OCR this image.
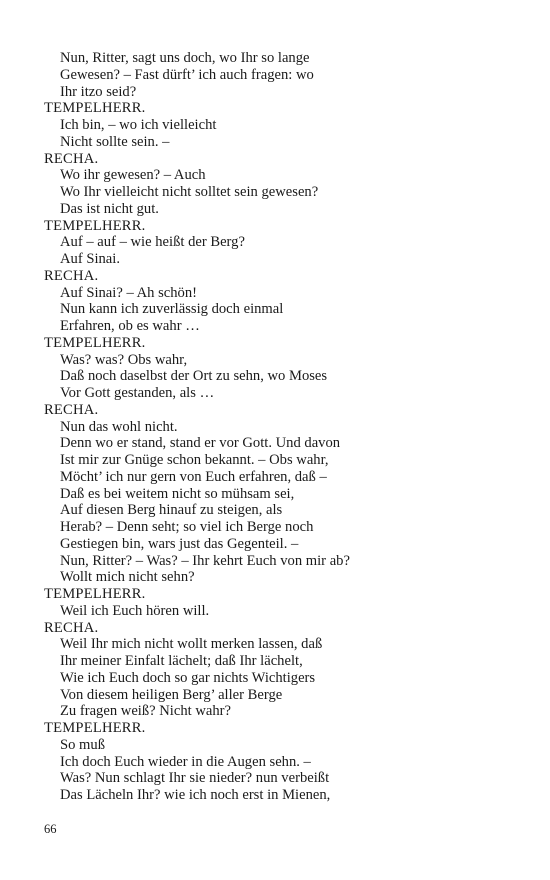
Nun, Ritter, sagt uns doch, wo Ihr so lange
Gewesen? – Fast dürft’ ich auch fragen: wo
Ihr itzo seid?
TEMPELHERR.
Ich bin, – wo ich vielleicht
Nicht sollte sein. –
RECHA.
Wo ihr gewesen? – Auch
Wo Ihr vielleicht nicht solltet sein gewesen?
Das ist nicht gut.
TEMPELHERR.
Auf – auf – wie heißt der Berg?
Auf Sinai.
RECHA.
Auf Sinai? – Ah schön!
Nun kann ich zuverlässig doch einmal
Erfahren, ob es wahr …
TEMPELHERR.
Was? was? Obs wahr,
Daß noch daselbst der Ort zu sehn, wo Moses
Vor Gott gestanden, als …
RECHA.
Nun das wohl nicht.
Denn wo er stand, stand er vor Gott. Und davon
Ist mir zur Gnüge schon bekannt. – Obs wahr,
Möcht’ ich nur gern von Euch erfahren, daß –
Daß es bei weitem nicht so mühsam sei,
Auf diesen Berg hinauf zu steigen, als
Herab? – Denn seht; so viel ich Berge noch
Gestiegen bin, wars just das Gegenteil. –
Nun, Ritter? – Was? – Ihr kehrt Euch von mir ab?
Wollt mich nicht sehn?
TEMPELHERR.
Weil ich Euch hören will.
RECHA.
Weil Ihr mich nicht wollt merken lassen, daß
Ihr meiner Einfalt lächelt; daß Ihr lächelt,
Wie ich Euch doch so gar nichts Wichtigers
Von diesem heiligen Berg’ aller Berge
Zu fragen weiß? Nicht wahr?
TEMPELHERR.
So muß
Ich doch Euch wieder in die Augen sehn. –
Was? Nun schlagt Ihr sie nieder? nun verbeißt
Das Lächeln Ihr? wie ich noch erst in Mienen,
66
